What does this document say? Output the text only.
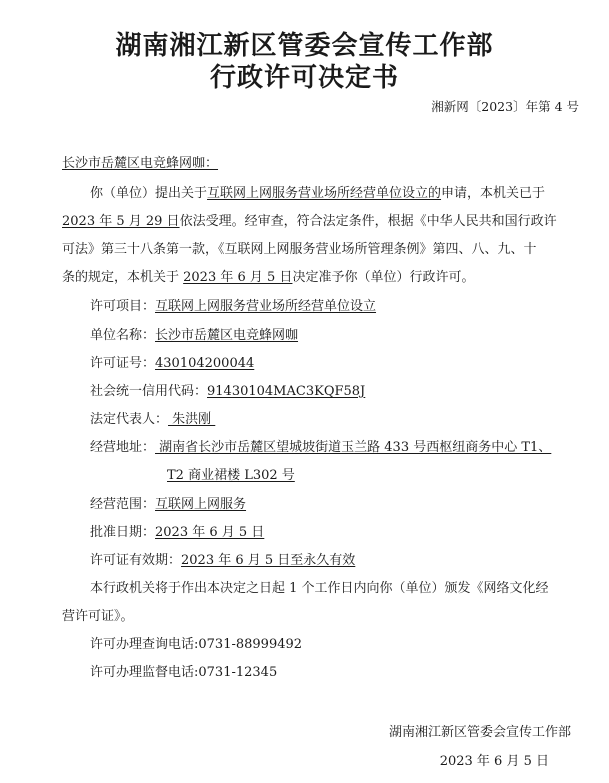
湖南湘江新区管委会宣传工作部
行政许可决定书
湘新网〔2023〕年第 4 号
长沙市岳麓区电竞蜂网咖：
你（单位）提出关于互联网上网服务营业场所经营单位设立的申请，本机关已于
2023 年 5 月 29 日依法受理。经审查，符合法定条件，根据《中华人民共和国行政许
可法》第三十八条第一款，《互联网上网服务营业场所管理条例》第四、八、九、十
条的规定，本机关于 2023 年 6 月 5 日决定准予你（单位）行政许可。
许可项目：互联网上网服务营业场所经营单位设立
单位名称：长沙市岳麓区电竞蜂网咖
许可证号：430104200044
社会统一信用代码：91430104MAC3KQF58J
法定代表人： 朱洪刚
经营地址： 湖南省长沙市岳麓区望城坡街道玉兰路 433 号西枢纽商务中心 T1、
T2 商业裙楼 L302 号
经营范围：互联网上网服务
批准日期：2023 年 6 月 5 日
许可证有效期：2023 年 6 月 5 日至永久有效
本行政机关将于作出本决定之日起 1 个工作日内向你（单位）颁发《网络文化经
营许可证》。
许可办理查询电话:0731-88999492
许可办理监督电话:0731-12345
湖南湘江新区管委会宣传工作部
2023 年 6 月 5 日
